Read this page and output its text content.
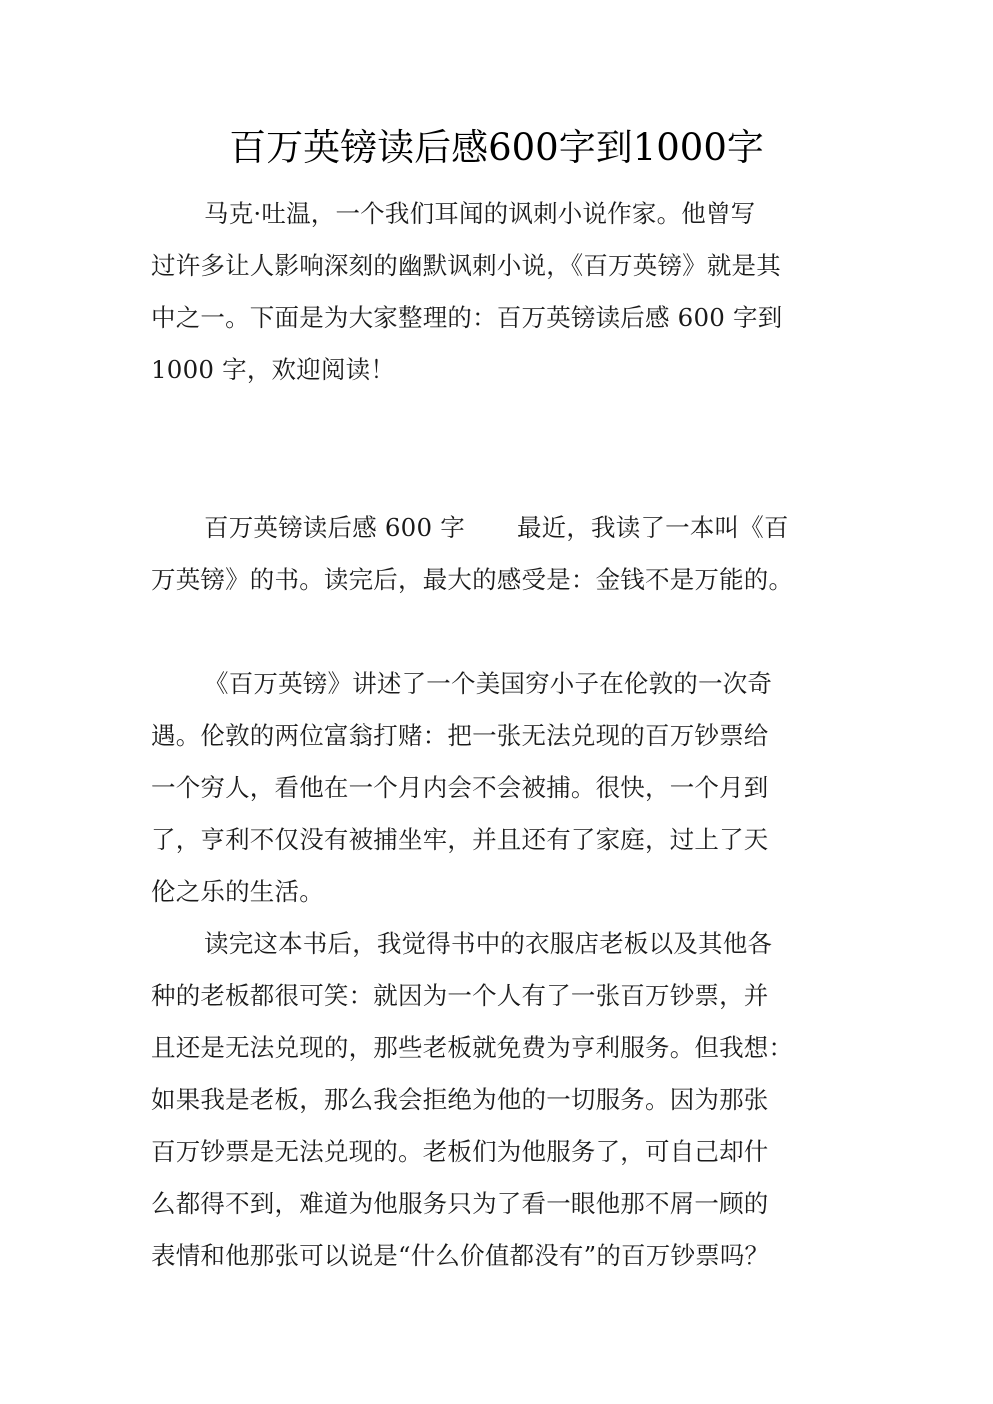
百万英镑读后感600字到1000字
马克·吐温，一个我们耳闻的讽刺小说作家。他曾写
过许多让人影响深刻的幽默讽刺小说，《百万英镑》就是其
中之一。下面是为大家整理的：百万英镑读后感 600 字到
1000 字，欢迎阅读！
百万英镑读后感 600 字 最近，我读了一本叫《百
万英镑》的书。读完后，最大的感受是：金钱不是万能的。
《百万英镑》讲述了一个美国穷小子在伦敦的一次奇
遇。伦敦的两位富翁打赌：把一张无法兑现的百万钞票给
一个穷人，看他在一个月内会不会被捕。很快，一个月到
了，亨利不仅没有被捕坐牢，并且还有了家庭，过上了天
伦之乐的生活。
读完这本书后，我觉得书中的衣服店老板以及其他各
种的老板都很可笑：就因为一个人有了一张百万钞票，并
且还是无法兑现的，那些老板就免费为亨利服务。但我想：
如果我是老板，那么我会拒绝为他的一切服务。因为那张
百万钞票是无法兑现的。老板们为他服务了，可自己却什
么都得不到，难道为他服务只为了看一眼他那不屑一顾的
表情和他那张可以说是“什么价值都没有”的百万钞票吗？
